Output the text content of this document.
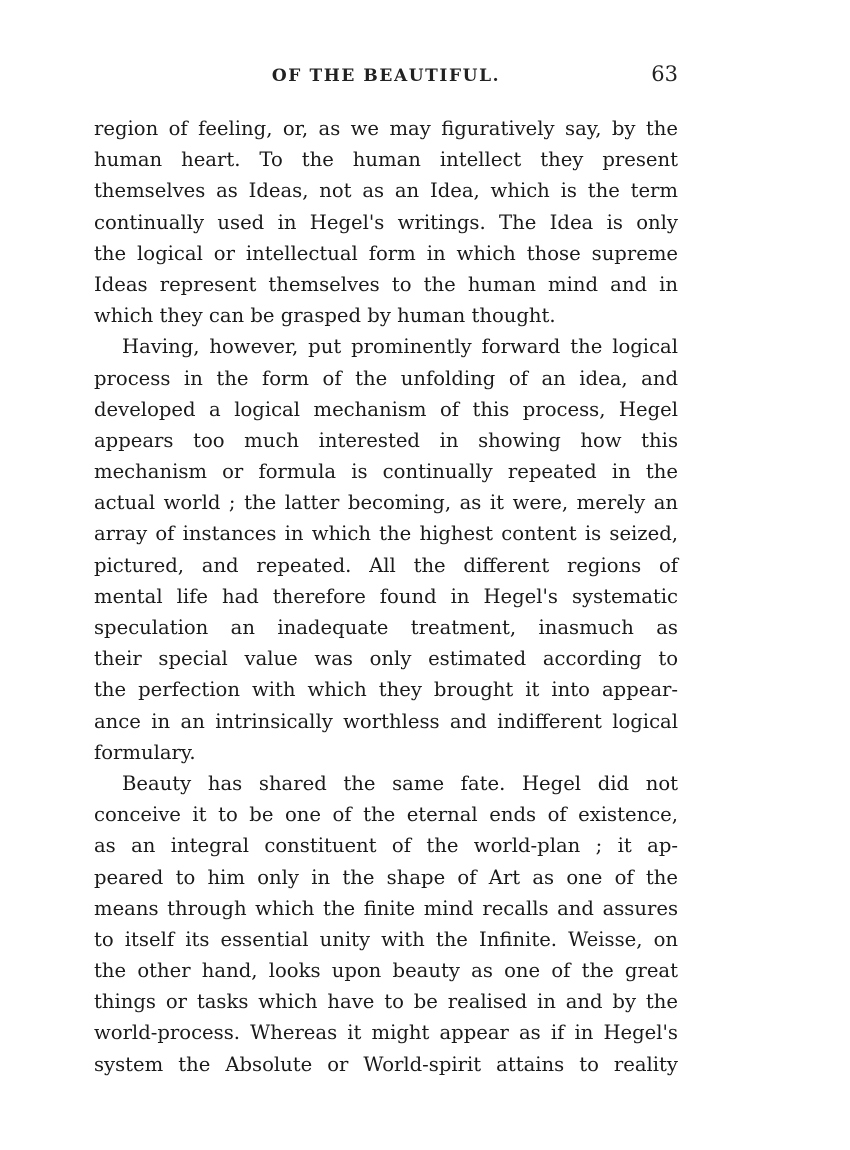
OF THE BEAUTIFUL.	63
region of feeling, or, as we may figuratively say, by the
human heart. To the human intellect they present
themselves as Ideas, not as an Idea, which is the term
continually used in Hegel's writings. The Idea is only
the logical or intellectual form in which those supreme
Ideas represent themselves to the human mind and in
which they can be grasped by human thought.
Having, however, put prominently forward the logical
process in the form of the unfolding of an idea, and
developed a logical mechanism of this process, Hegel
appears too much interested in showing how this
mechanism or formula is continually repeated in the
actual world ; the latter becoming, as it were, merely an
array of instances in which the highest content is seized,
pictured, and repeated. All the different regions of
mental life had therefore found in Hegel's systematic
speculation an inadequate treatment, inasmuch as
their special value was only estimated according to
the perfection with which they brought it into appear-
ance in an intrinsically worthless and indifferent logical
formulary.
Beauty has shared the same fate. Hegel did not
conceive it to be one of the eternal ends of existence,
as an integral constituent of the world-plan ; it ap-
peared to him only in the shape of Art as one of the
means through which the finite mind recalls and assures
to itself its essential unity with the Infinite. Weisse, on
the other hand, looks upon beauty as one of the great
things or tasks which have to be realised in and by the
world-process. Whereas it might appear as if in Hegel's
system the Absolute or World-spirit attains to reality
